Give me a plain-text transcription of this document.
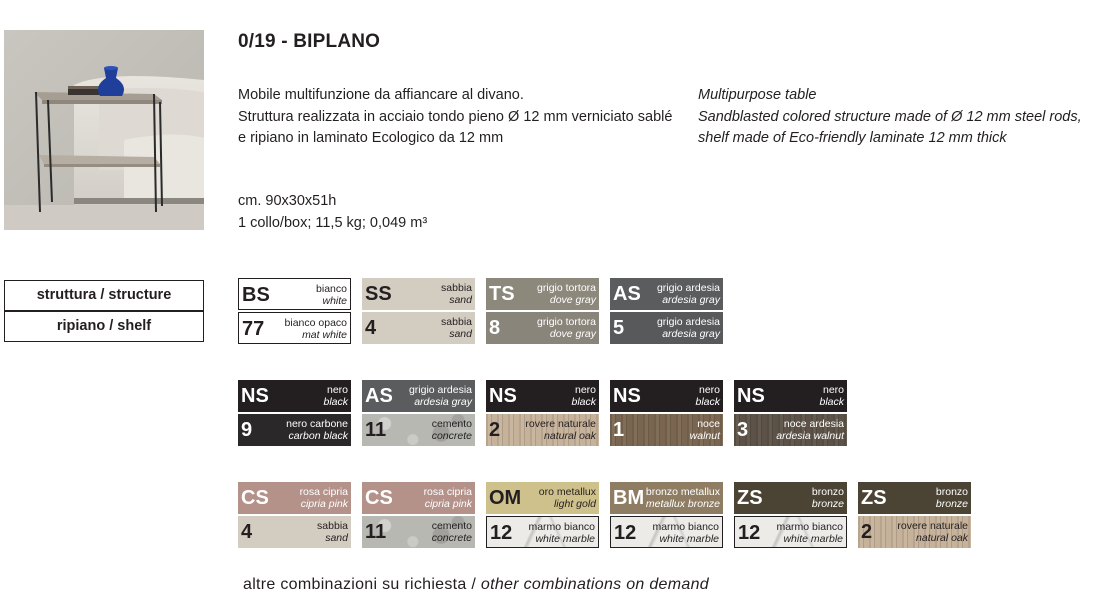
0/19 - BIPLANO
Mobile multifunzione da affiancare al divano.
Struttura realizzata in acciaio tondo pieno Ø 12 mm verniciato sablé
e ripiano in laminato Ecologico da 12 mm
Multipurpose table
Sandblasted colored structure made of Ø 12 mm steel rods,
shelf made of Eco-friendly laminate 12 mm thick
cm. 90x30x51h
1 collo/box; 11,5 kg; 0,049 m³
struttura / structure
ripiano / shelf
BS	bianco
white
77 bianco opaco
mat white
SS	sabbia
sand
4	sabbia
sand
TS grigio tortora
dove gray
8	grigio tortora
dove gray
AS grigio ardesia
ardesia gray
5	grigio ardesia
ardesia gray
NS	nero
black
9	nero carbone
carbon black
AS grigio ardesia
ardesia gray
11	cemento
concrete
NS	nero
black
2 rovere naturale
natural oak
NS	nero
black
1	noce
walnut
NS	nero
black
3	noce ardesia
ardesia walnut
CS	rosa cipria
cipria pink
4	sabbia
sand
CS	rosa cipria
cipria pink
11	cemento
concrete
OM oro metallux
light gold
12 marmo bianco
white marble
BM bronzo metallux
metallux bronze
12 marmo bianco
white marble
ZS	bronzo
bronze
12 marmo bianco
white marble
ZS	bronzo
bronze
2 rovere naturale
natural oak
altre combinazioni su richiesta / other combinations on demand
